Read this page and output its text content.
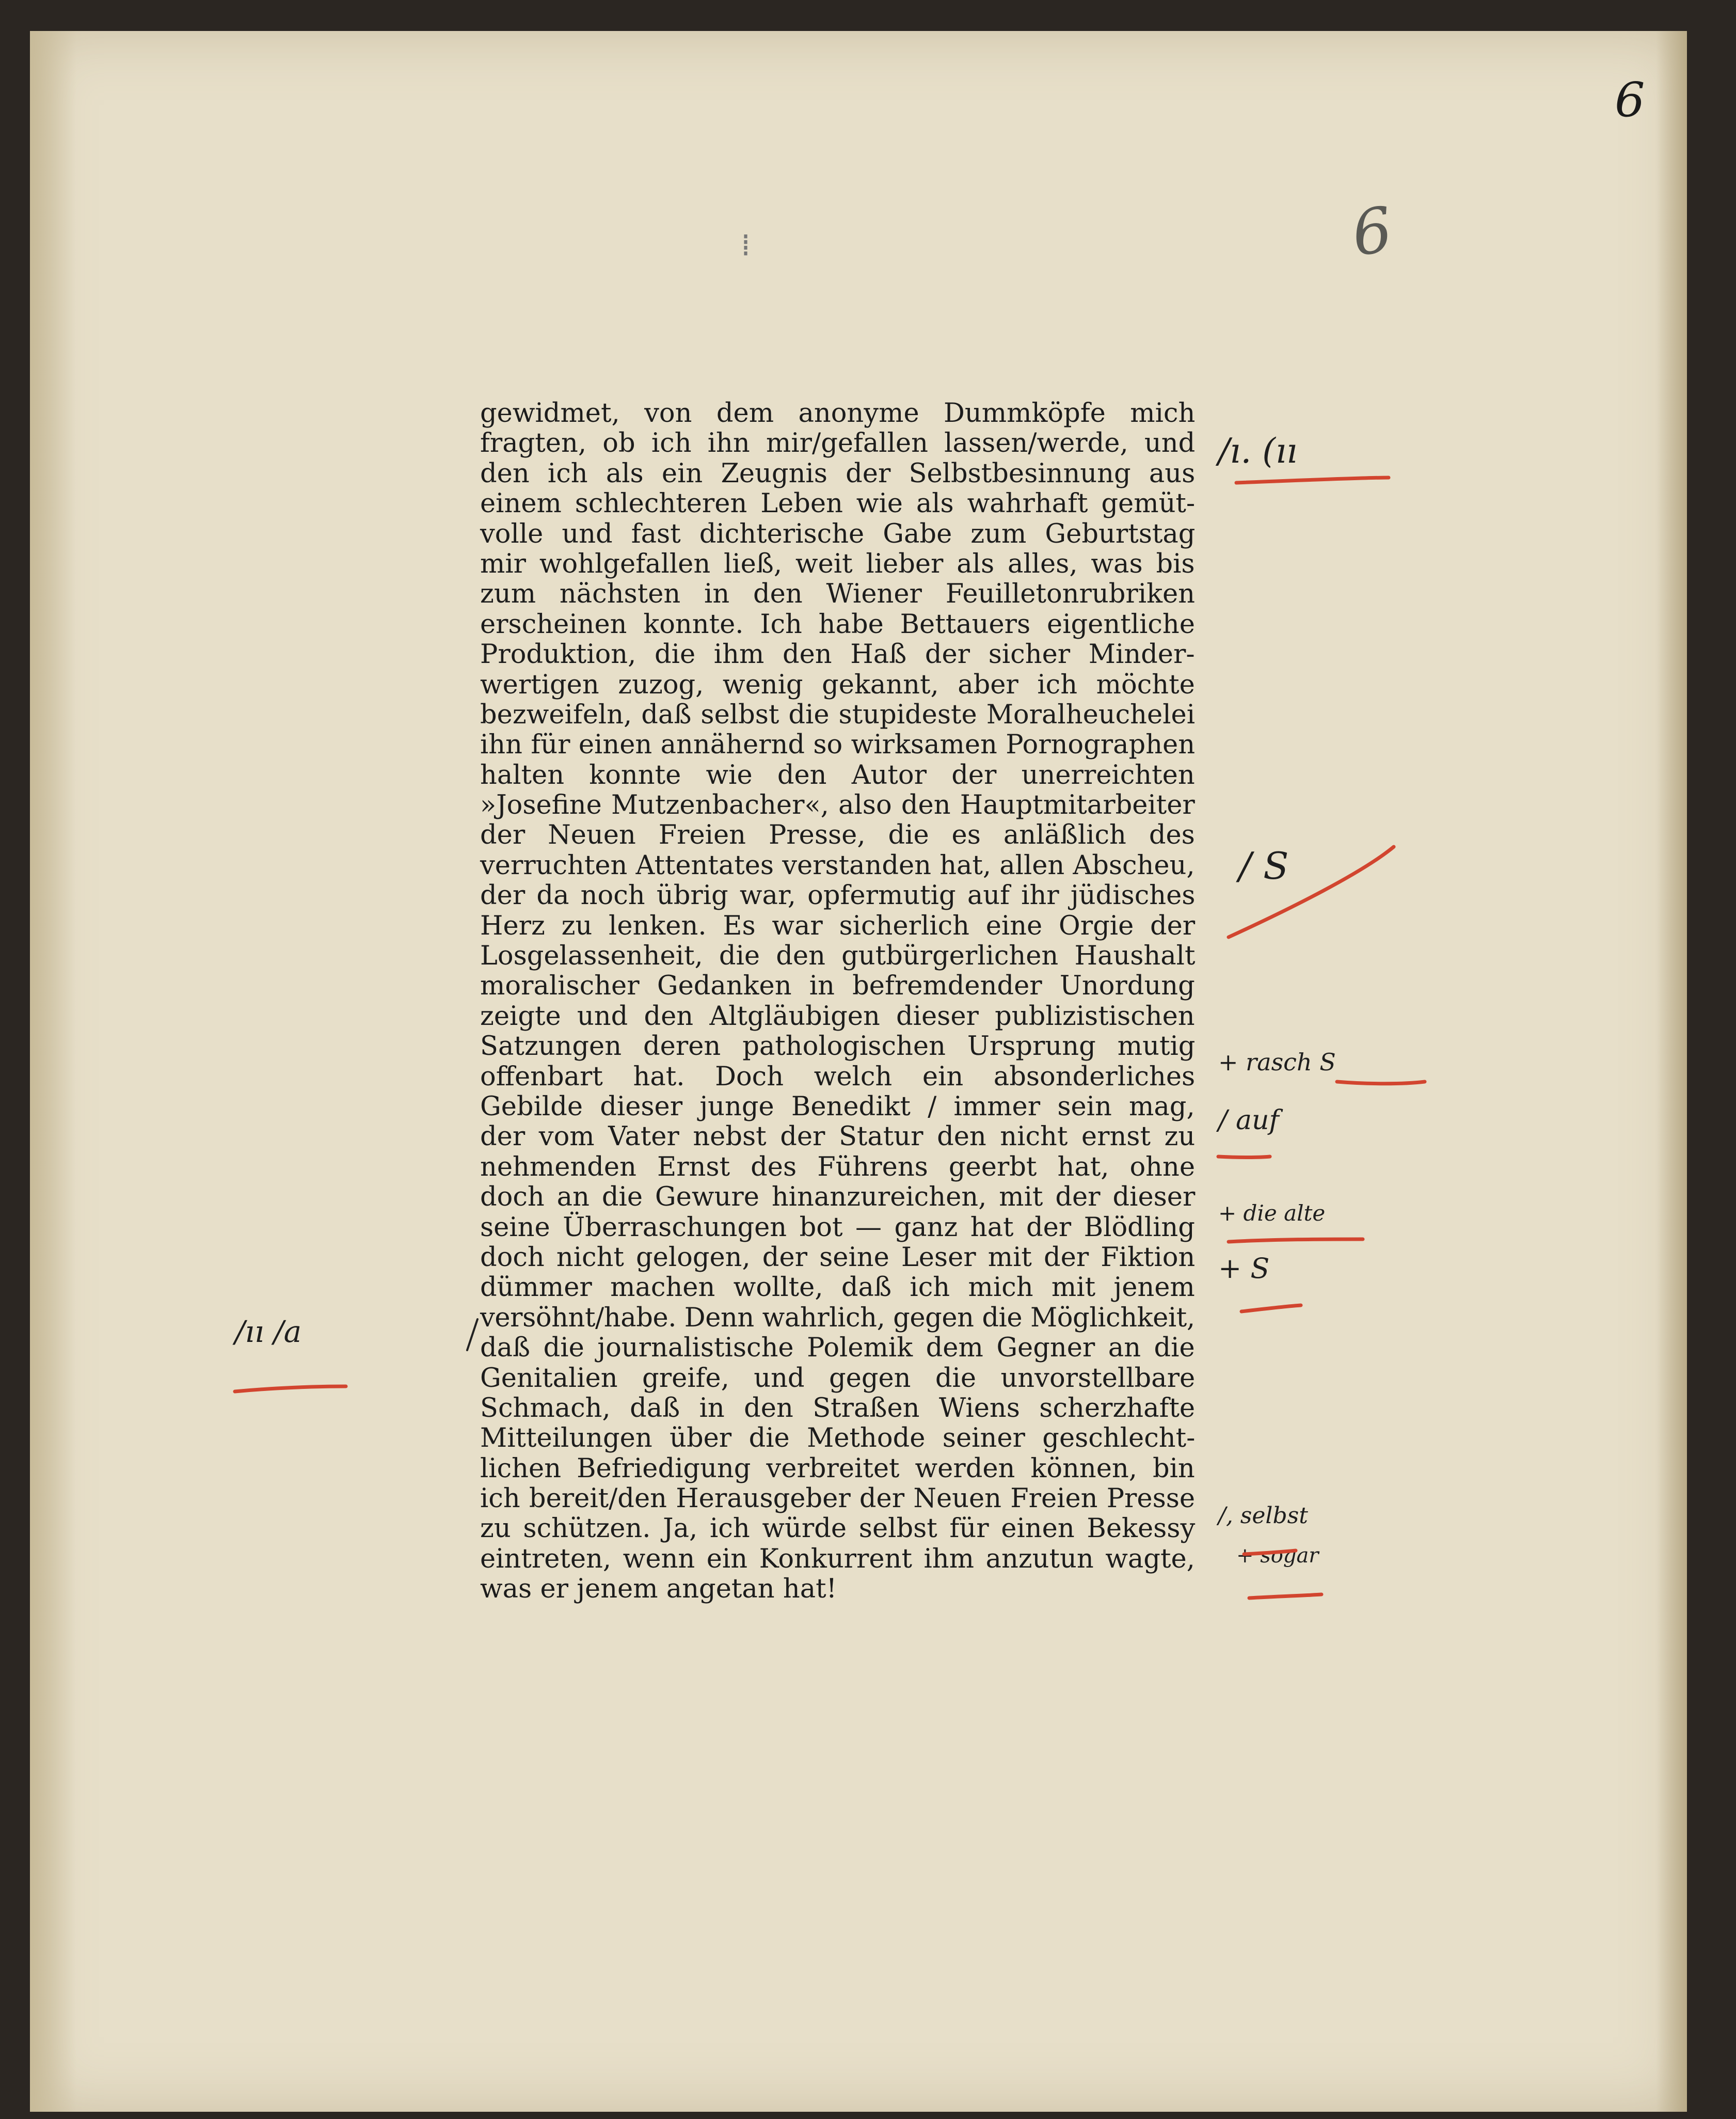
6
6
⁞
gewidmet, von dem anonyme Dummköpfe mich
fragten, ob ich ihn mir/gefallen lassen/werde, und
den ich als ein Zeugnis der Selbstbesinnung aus
einem schlechteren Leben wie als wahrhaft gemüt-
volle und fast dichterische Gabe zum Geburtstag
mir wohlgefallen ließ, weit lieber als alles, was bis
zum nächsten in den Wiener Feuilletonrubriken
erscheinen konnte. Ich habe Bettauers eigentliche
Produktion, die ihm den Haß der sicher Minder-
wertigen zuzog, wenig gekannt, aber ich möchte
bezweifeln, daß selbst die stupideste Moralheuchelei
ihn für einen annähernd so wirksamen Pornographen
halten konnte wie den Autor der unerreichten
»Josefine Mutzenbacher«, also den Hauptmitarbeiter
der Neuen Freien Presse, die es anläßlich des
verruchten Attentates verstanden hat, allen Abscheu,
der da noch übrig war, opfermutig auf ihr jüdisches
Herz zu lenken. Es war sicherlich eine Orgie der
Losgelassenheit, die den gutbürgerlichen Haushalt
moralischer Gedanken in befremdender Unordung
zeigte und den Altgläubigen dieser publizistischen
Satzungen deren pathologischen Ursprung mutig
offenbart hat. Doch welch ein absonderliches
Gebilde dieser junge Benedikt / immer sein mag,
der vom Vater nebst der Statur den nicht ernst zu
nehmenden Ernst des Führens geerbt hat, ohne
doch an die Gewure hinanzureichen, mit der dieser
seine Überraschungen bot — ganz hat der Blödling
doch nicht gelogen, der seine Leser mit der Fiktion
dümmer machen wollte, daß ich mich mit jenem
versöhnt/habe. Denn wahrlich, gegen die Möglichkeit,
daß die journalistische Polemik dem Gegner an die
Genitalien greife, und gegen die unvorstellbare
Schmach, daß in den Straßen Wiens scherzhafte
Mitteilungen über die Methode seiner geschlecht-
lichen Befriedigung verbreitet werden können, bin
ich bereit/den Herausgeber der Neuen Freien Presse
zu schützen. Ja, ich würde selbst für einen Bekessy
eintreten, wenn ein Konkurrent ihm anzutun wagte,
was er jenem angetan hat!
/ı. (ıı
/ S
+ rasch S
/ auf
+ die alte
+ S
/ıı /a
/, selbst
+ sogar
